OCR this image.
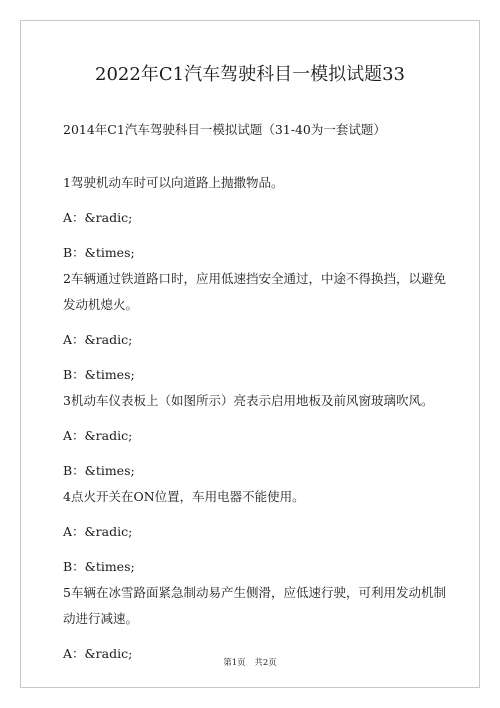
2022年C1汽车驾驶科目一模拟试题33
2014年C1汽车驾驶科目一模拟试题（31-40为一套试题）

1驾驶机动车时可以向道路上抛撒物品。

A：&radic;

B：&times;

2车辆通过铁道路口时，应用低速挡安全通过，中途不得换挡，以避免发动机熄火。

A：&radic;

B：&times;

3机动车仪表板上（如图所示）亮表示启用地板及前风窗玻璃吹风。

A：&radic;

B：&times;

4点火开关在ON位置，车用电器不能使用。

A：&radic;

B：&times;

5车辆在冰雪路面紧急制动易产生侧滑，应低速行驶，可利用发动机制动进行减速。

A：&radic;

第1页 共2页
